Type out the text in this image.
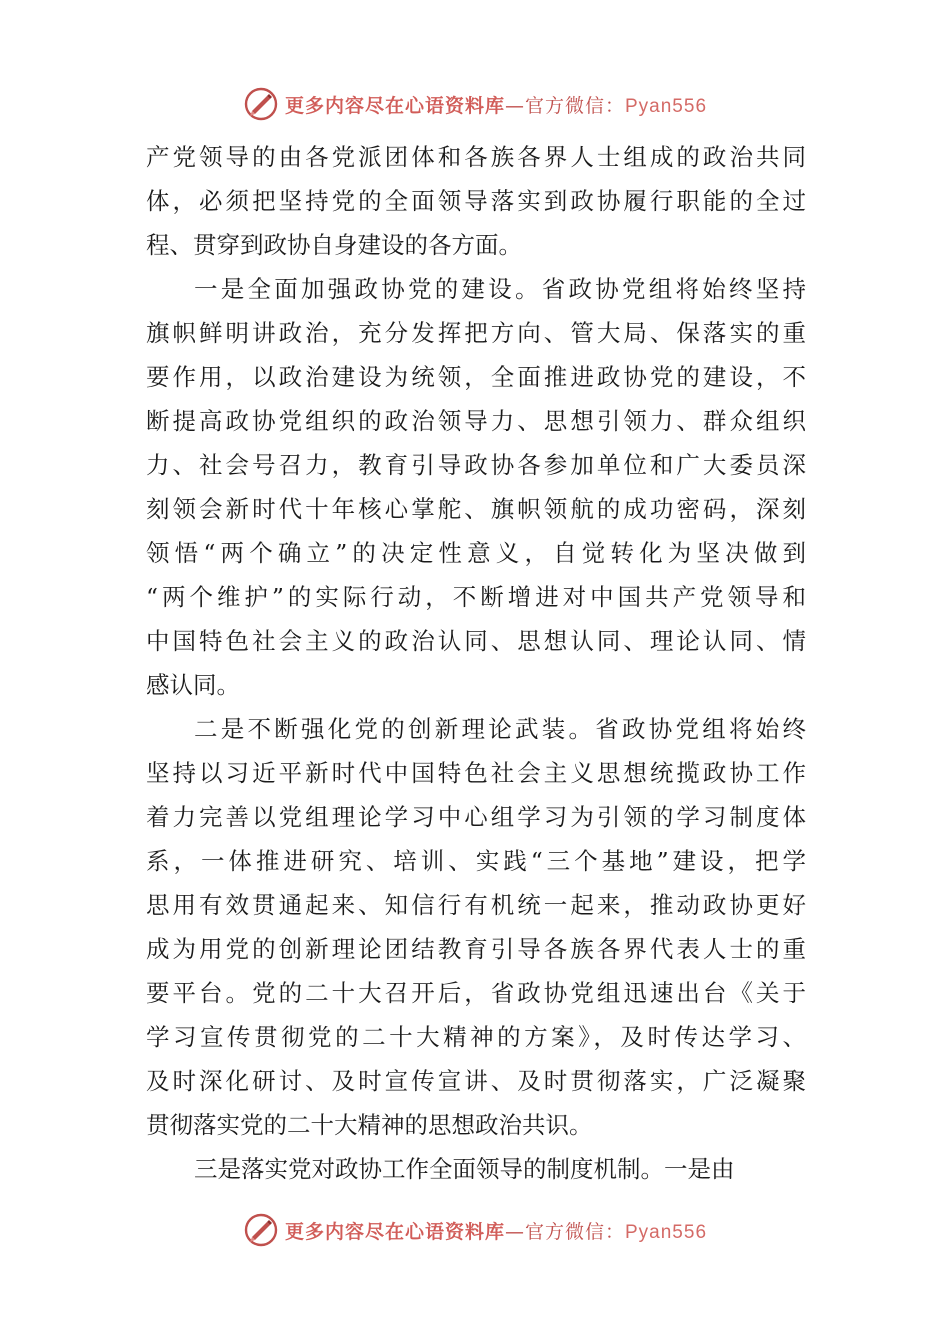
更多内容尽在心语资料库—官方微信：Pyan556
产党领导的由各党派团体和各族各界人士组成的政治共同
体，必须把坚持党的全面领导落实到政协履行职能的全过
程、贯穿到政协自身建设的各方面。
一是全面加强政协党的建设。省政协党组将始终坚持
旗帜鲜明讲政治，充分发挥把方向、管大局、保落实的重
要作用，以政治建设为统领，全面推进政协党的建设，不
断提高政协党组织的政治领导力、思想引领力、群众组织
力、社会号召力，教育引导政协各参加单位和广大委员深
刻领会新时代十年核心掌舵、旗帜领航的成功密码，深刻
领悟“两个确立”的决定性意义，自觉转化为坚决做到
“两个维护”的实际行动，不断增进对中国共产党领导和
中国特色社会主义的政治认同、思想认同、理论认同、情
感认同。
二是不断强化党的创新理论武装。省政协党组将始终
坚持以习近平新时代中国特色社会主义思想统揽政协工作
着力完善以党组理论学习中心组学习为引领的学习制度体
系，一体推进研究、培训、实践“三个基地”建设，把学
思用有效贯通起来、知信行有机统一起来，推动政协更好
成为用党的创新理论团结教育引导各族各界代表人士的重
要平台。党的二十大召开后，省政协党组迅速出台《关于
学习宣传贯彻党的二十大精神的方案》，及时传达学习、
及时深化研讨、及时宣传宣讲、及时贯彻落实，广泛凝聚
贯彻落实党的二十大精神的思想政治共识。
三是落实党对政协工作全面领导的制度机制。一是由
更多内容尽在心语资料库—官方微信：Pyan556
